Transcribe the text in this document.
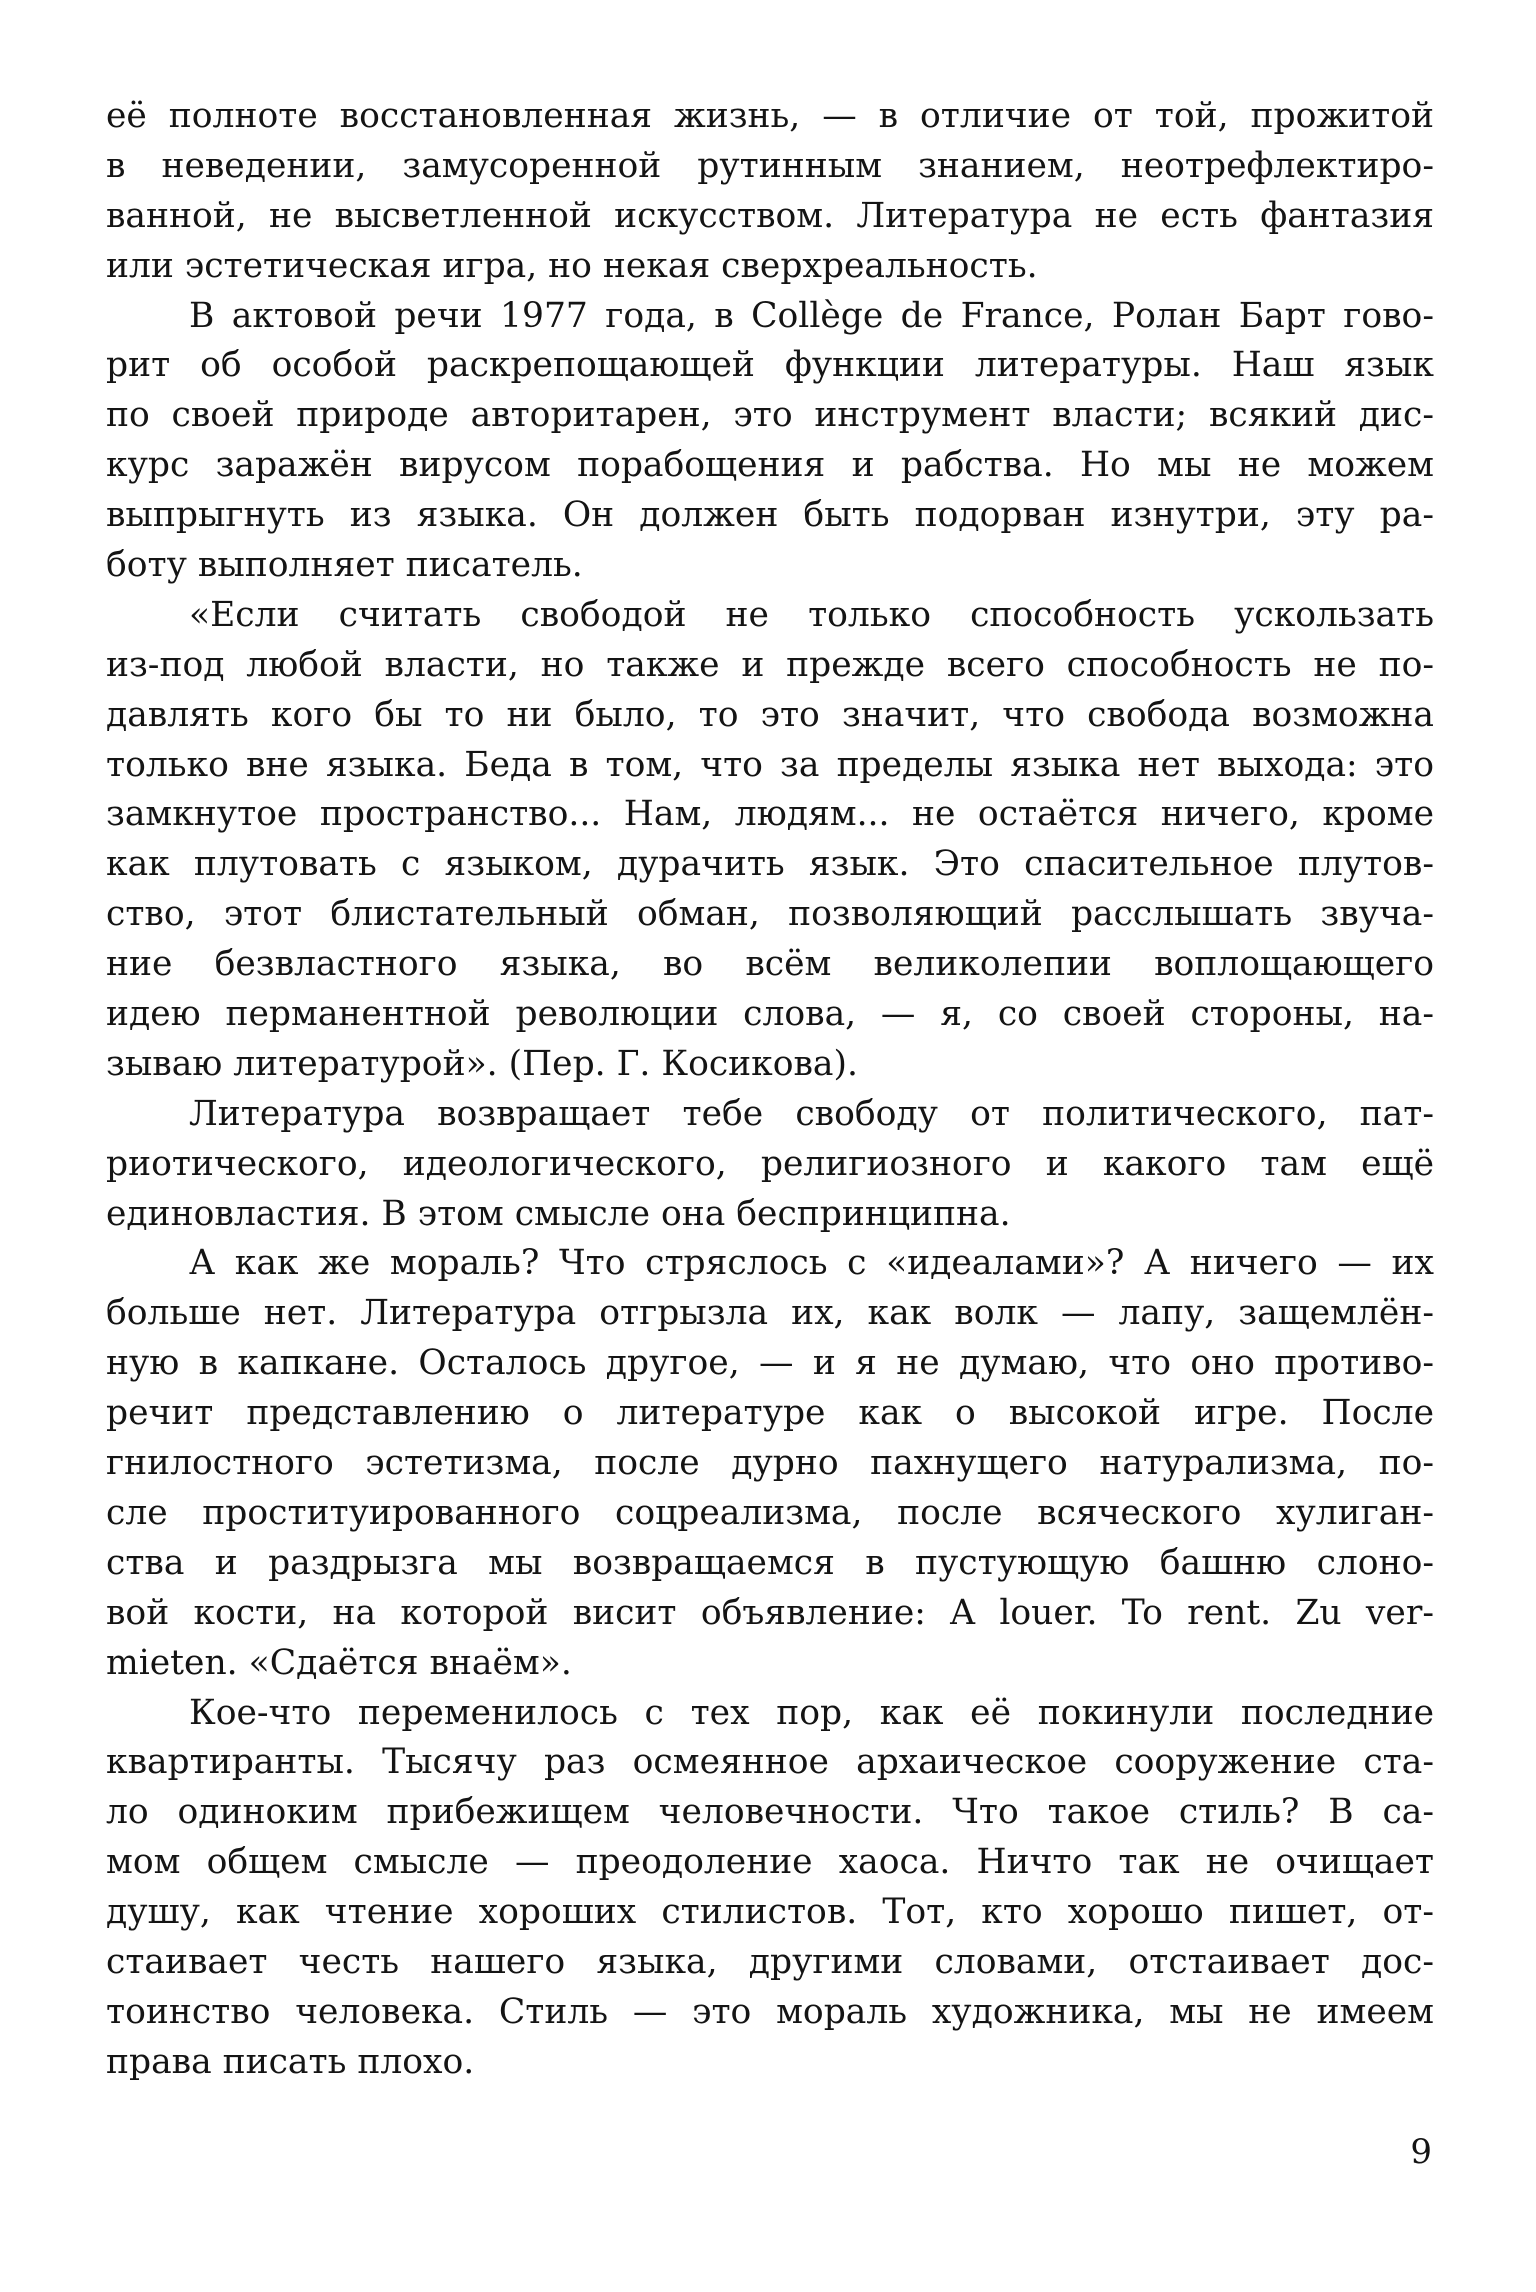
её полноте восстановленная жизнь, — в отличие от той, прожитой
в неведении, замусоренной рутинным знанием, неотрефлектиро-
ванной, не высветленной искусством. Литература не есть фантазия
или эстетическая игра, но некая сверхреальность.
В актовой речи 1977 года, в Collège de France, Ролан Барт гово-
рит об особой раскрепощающей функции литературы. Наш язык
по своей природе авторитарен, это инструмент власти; всякий дис-
курс заражён вирусом порабощения и рабства. Но мы не можем
выпрыгнуть из языка. Он должен быть подорван изнутри, эту ра-
боту выполняет писатель.
«Если считать свободой не только способность ускользать
из-под любой власти, но также и прежде всего способность не по-
давлять кого бы то ни было, то это значит, что свобода возможна
только вне языка. Беда в том, что за пределы языка нет выхода: это
замкнутое пространство... Нам, людям... не остаётся ничего, кроме
как плутовать с языком, дурачить язык. Это спасительное плутов-
ство, этот блистательный обман, позволяющий расслышать звуча-
ние безвластного языка, во всём великолепии воплощающего
идею перманентной революции слова, — я, со своей стороны, на-
зываю литературой». (Пер. Г. Косикова).
Литература возвращает тебе свободу от политического, пат-
риотического, идеологического, религиозного и какого там ещё
единовластия. В этом смысле она беспринципна.
А как же мораль? Что стряслось с «идеалами»? А ничего — их
больше нет. Литература отгрызла их, как волк — лапу, защемлён-
ную в капкане. Осталось другое, — и я не думаю, что оно противо-
речит представлению о литературе как о высокой игре. После
гнилостного эстетизма, после дурно пахнущего натурализма, по-
сле проституированного соцреализма, после всяческого хулиган-
ства и раздрызга мы возвращаемся в пустующую башню слоно-
вой кости, на которой висит объявление: A louer. To rent. Zu ver-
mieten. «Сдаётся внаём».
Кое-что переменилось с тех пор, как её покинули последние
квартиранты. Тысячу раз осмеянное архаическое сооружение ста-
ло одиноким прибежищем человечности. Что такое стиль? В са-
мом общем смысле — преодоление хаоса. Ничто так не очищает
душу, как чтение хороших стилистов. Тот, кто хорошо пишет, от-
стаивает честь нашего языка, другими словами, отстаивает дос-
тоинство человека. Стиль — это мораль художника, мы не имеем
права писать плохо.
9
